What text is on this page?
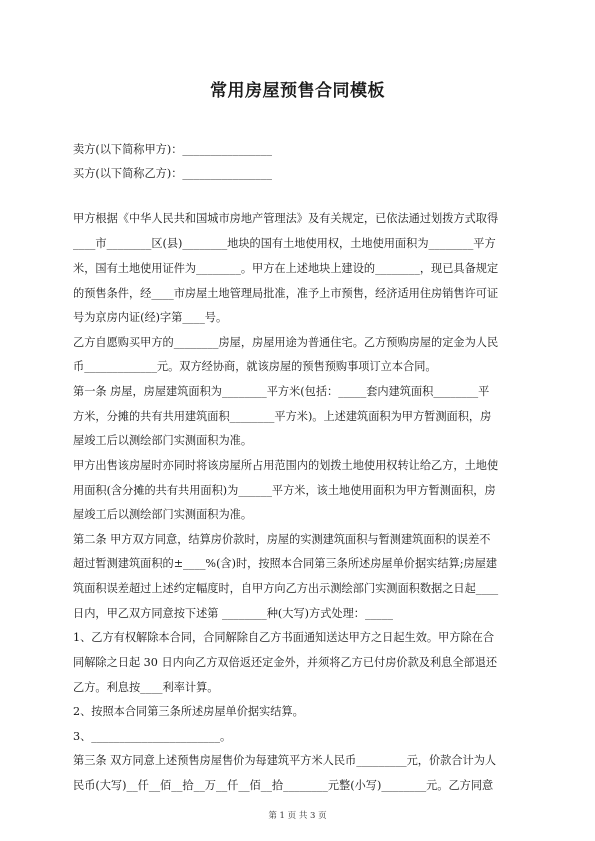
常用房屋预售合同模板
卖方(以下简称甲方)：________________
买方(以下简称乙方)：________________
甲方根据《中华人民共和国城市房地产管理法》及有关规定，已依法通过划拨方式取得
____市________区(县)________地块的国有土地使用权，土地使用面积为________平方
米，国有土地使用证件为________。甲方在上述地块上建设的________，现已具备规定
的预售条件，经____市房屋土地管理局批准，准予上市预售，经济适用住房销售许可证
号为京房内证(经)字第____号。
乙方自愿购买甲方的________房屋，房屋用途为普通住宅。乙方预购房屋的定金为人民
币_____________元。双方经协商，就该房屋的预售预购事项订立本合同。
第一条 房屋，房屋建筑面积为________平方米(包括：_____套内建筑面积________平
方米，分摊的共有共用建筑面积________平方米)。上述建筑面积为甲方暂测面积，房
屋竣工后以测绘部门实测面积为准。
甲方出售该房屋时亦同时将该房屋所占用范围内的划拨土地使用权转让给乙方，土地使
用面积(含分摊的共有共用面积)为______平方米，该土地使用面积为甲方暂测面积，房
屋竣工后以测绘部门实测面积为准。
第二条 甲方双方同意，结算房价款时，房屋的实测建筑面积与暂测建筑面积的误差不
超过暂测建筑面积的±____%(含)时，按照本合同第三条所述房屋单价据实结算;房屋建
筑面积误差超过上述约定幅度时，自甲方向乙方出示测绘部门实测面积数据之日起____
日内，甲乙双方同意按下述第 ________种(大写)方式处理：_____
1、乙方有权解除本合同，合同解除自乙方书面通知送达甲方之日起生效。甲方除在合
同解除之日起 30 日内向乙方双倍返还定金外，并须将乙方已付房价款及利息全部退还
乙方。利息按____利率计算。
2、按照本合同第三条所述房屋单价据实结算。
3、_______________________。
第三条 双方同意上述预售房屋售价为每建筑平方米人民币_________元，价款合计为人
民币(大写)__仟__佰__拾__万__仟__佰__拾________元整(小写)________元。乙方同意
第 1 页 共 3 页
